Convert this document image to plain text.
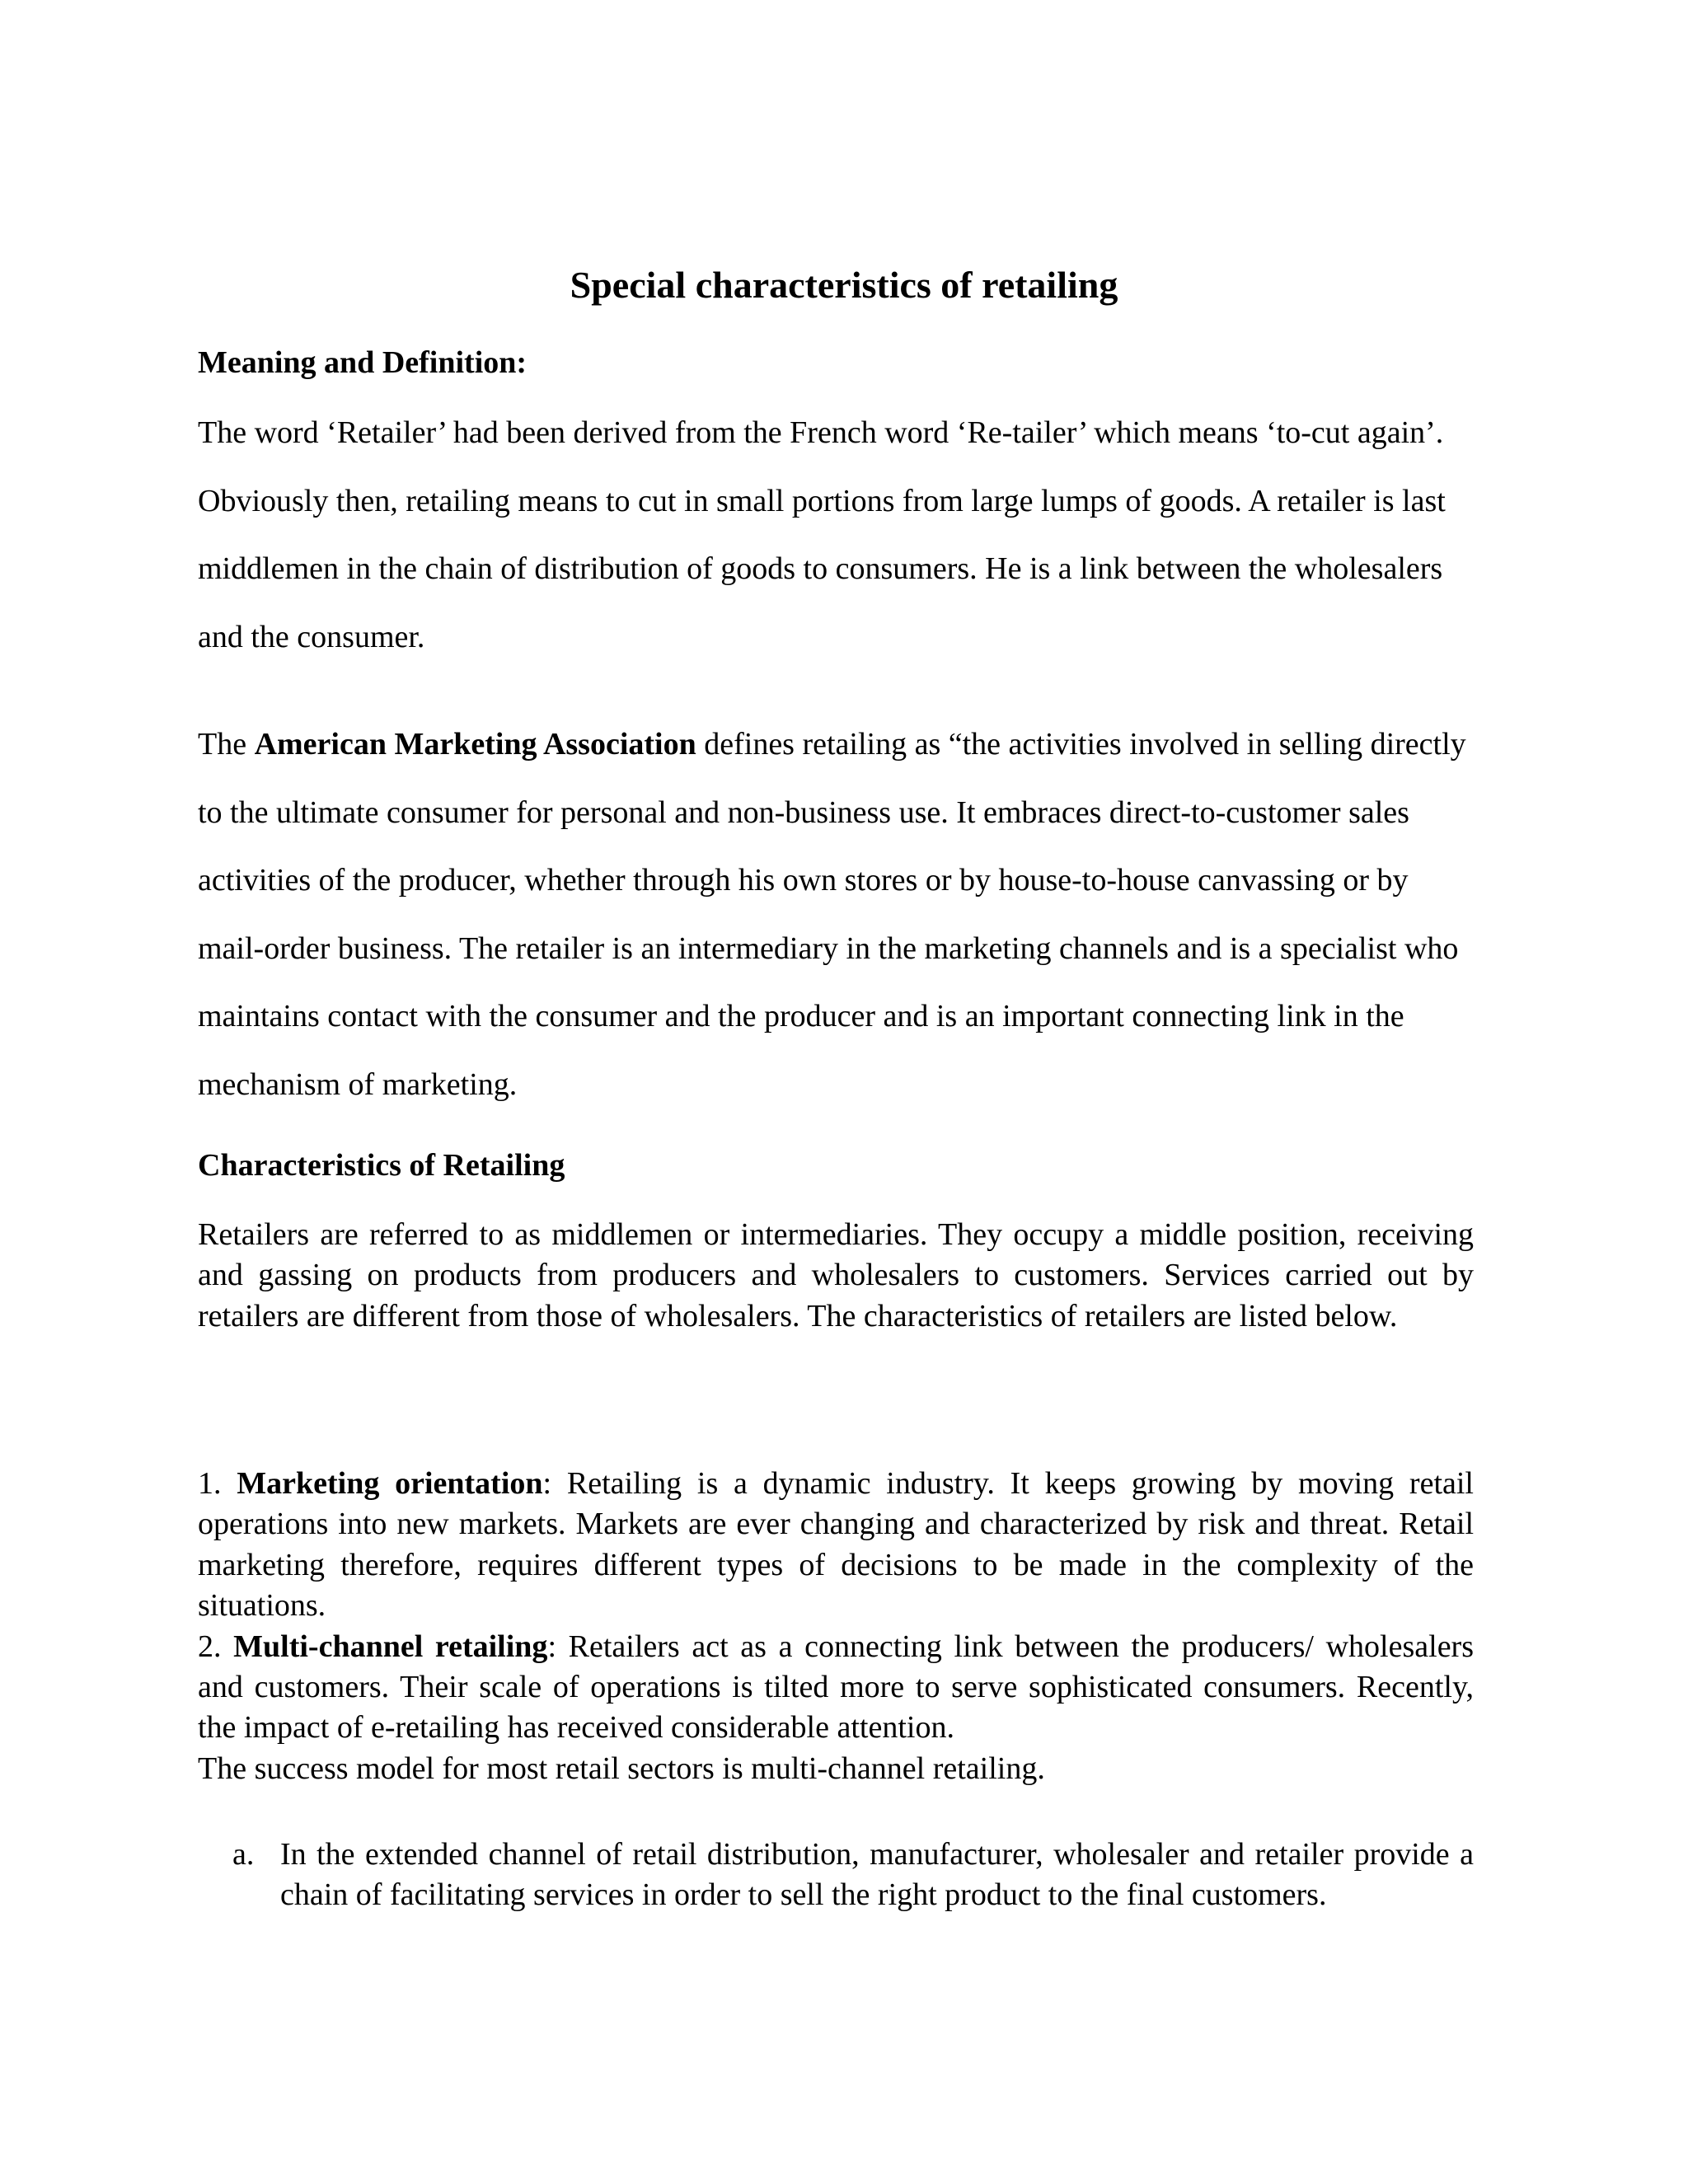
Special characteristics of retailing
Meaning and Definition:

The word ‘Retailer’ had been derived from the French word ‘Re-tailer’ which means ‘to-cut again’. Obviously then, retailing means to cut in small portions from large lumps of goods. A retailer is last middlemen in the chain of distribution of goods to consumers. He is a link between the wholesalers and the consumer.

The American Marketing Association defines retailing as “the activities involved in selling directly to the ultimate consumer for personal and non-business use. It embraces direct-to-customer sales activities of the producer, whether through his own stores or by house-to-house canvassing or by mail-order business. The retailer is an intermediary in the marketing channels and is a specialist who maintains contact with the consumer and the producer and is an important connecting link in the mechanism of marketing.

Characteristics of Retailing

Retailers are referred to as middlemen or intermediaries. They occupy a middle position, receiving and gassing on products from producers and wholesalers to customers. Services carried out by retailers are different from those of wholesalers. The characteristics of retailers are listed below.

1. Marketing orientation: Retailing is a dynamic industry. It keeps growing by moving retail operations into new markets. Markets are ever changing and characterized by risk and threat. Retail marketing therefore, requires different types of decisions to be made in the complexity of the situations.
2. Multi-channel retailing: Retailers act as a connecting link between the producers/ wholesalers and customers. Their scale of operations is tilted more to serve sophisticated consumers. Recently, the impact of e-retailing has received considerable attention.
The success model for most retail sectors is multi-channel retailing.
a. In the extended channel of retail distribution, manufacturer, wholesaler and retailer provide a chain of facilitating services in order to sell the right product to the final customers.
